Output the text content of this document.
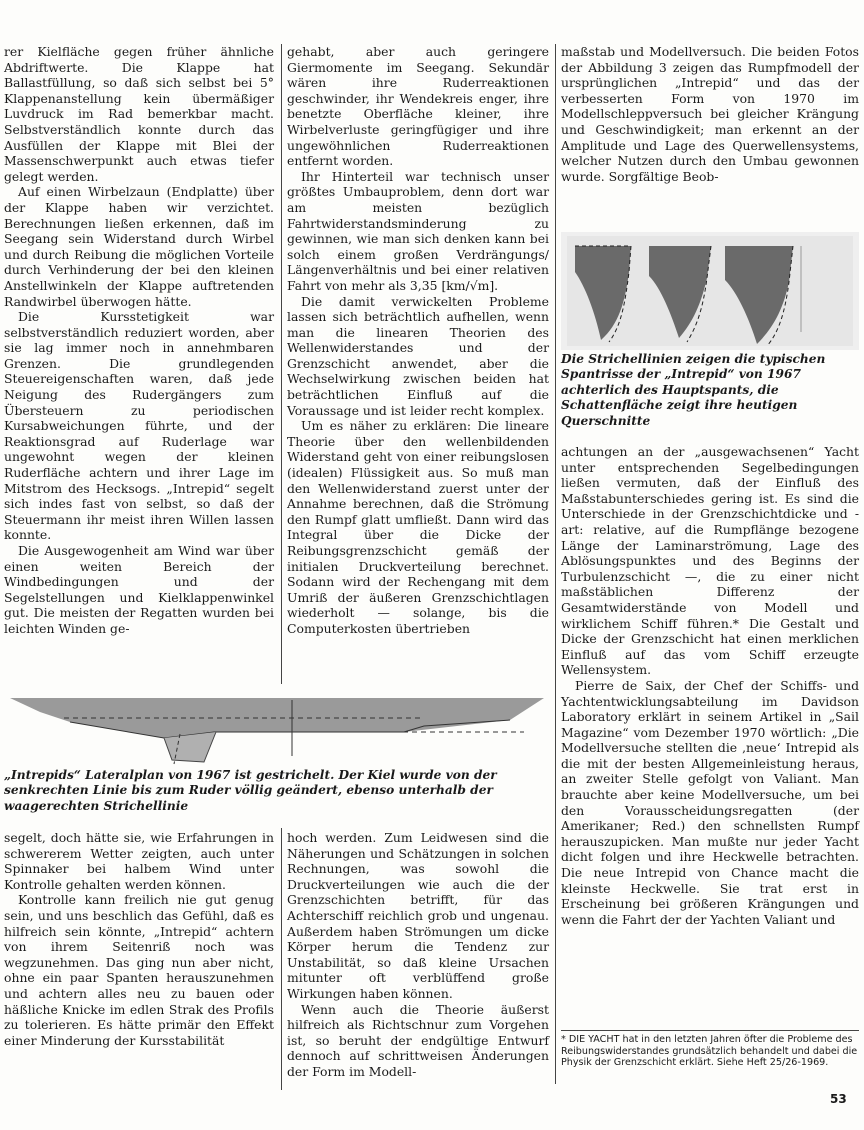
rer Kielfläche gegen früher ähnliche Abdriftwerte. Die Klappe hat Ballastfüllung, so daß sich selbst bei 5° Klappenanstellung kein übermäßiger Luvdruck im Rad bemerkbar macht. Selbstverständlich konnte durch das Ausfüllen der Klappe mit Blei der Massenschwerpunkt auch etwas tiefer gelegt werden.

Auf einen Wirbelzaun (Endplatte) über der Klappe haben wir verzichtet. Berechnungen ließen erkennen, daß im Seegang sein Widerstand durch Wirbel und durch Reibung die möglichen Vorteile durch Verhinderung der bei den kleinen Anstellwinkeln der Klappe auftretenden Randwirbel überwogen hätte.

Die Kursstetigkeit war selbstverständlich reduziert worden, aber sie lag immer noch in annehmbaren Grenzen. Die grundlegenden Steuereigenschaften waren, daß jede Neigung des Rudergängers zum Übersteuern zu periodischen Kursabweichungen führte, und der Reaktionsgrad auf Ruderlage war ungewohnt wegen der kleinen Ruderfläche achtern und ihrer Lage im Mitstrom des Hecksogs. „Intrepid“ segelt sich indes fast von selbst, so daß der Steuermann ihr meist ihren Willen lassen konnte.

Die Ausgewogenheit am Wind war über einen weiten Bereich der Windbedingungen und der Segelstellungen und Kielklappenwinkel gut. Die meisten der Regatten wurden bei leichten Winden ge-

gehabt, aber auch geringere Giermomente im Seegang. Sekundär wären ihre Ruderreaktionen geschwinder, ihr Wendekreis enger, ihre benetzte Oberfläche kleiner, ihre Wirbelverluste geringfügiger und ihre ungewöhnlichen Ruderreaktionen entfernt worden.

Ihr Hinterteil war technisch unser größtes Umbauproblem, denn dort war am meisten bezüglich Fahrtwiderstandsminderung zu gewinnen, wie man sich denken kann bei solch einem großen Verdrängungs/ Längenverhältnis und bei einer relativen Fahrt von mehr als 3,35 [km/√m].

Die damit verwickelten Probleme lassen sich beträchtlich aufhellen, wenn man die linearen Theorien des Wellenwiderstandes und der Grenzschicht anwendet, aber die Wechselwirkung zwischen beiden hat beträchtlichen Einfluß auf die Voraussage und ist leider recht komplex.

Um es näher zu erklären: Die lineare Theorie über den wellenbildenden Widerstand geht von einer reibungslosen (idealen) Flüssigkeit aus. So muß man den Wellenwiderstand zuerst unter der Annahme berechnen, daß die Strömung den Rumpf glatt umfließt. Dann wird das Integral über die Dicke der Reibungsgrenzschicht gemäß der initialen Druckverteilung berechnet. Sodann wird der Rechengang mit dem Umriß der äußeren Grenzschichtlagen wiederholt — solange, bis die Computerkosten übertrieben

maßstab und Modellversuch. Die beiden Fotos der Abbildung 3 zeigen das Rumpfmodell der ursprünglichen „Intrepid“ und das der verbesserten Form von 1970 im Modellschleppversuch bei gleicher Krängung und Geschwindigkeit; man erkennt an der Amplitude und Lage des Querwellensystems, welcher Nutzen durch den Umbau gewonnen wurde. Sorgfältige Beob-

Die Strichellinien zeigen die typischen Spantrisse der „Intrepid“ von 1967 achterlich des Hauptspants, die Schattenfläche zeigt ihre heutigen Querschnitte

achtungen an der „ausgewachsenen“ Yacht unter entsprechenden Segelbedingungen ließen vermuten, daß der Einfluß des Maßstabunterschiedes gering ist. Es sind die Unterschiede in der Grenzschichtdicke und -art: relative, auf die Rumpflänge bezogene Länge der Laminarströmung, Lage des Ablösungspunktes und des Beginns der Turbulenzschicht —, die zu einer nicht maßstäblichen Differenz der Gesamtwiderstände von Modell und wirklichem Schiff führen.* Die Gestalt und Dicke der Grenzschicht hat einen merklichen Einfluß auf das vom Schiff erzeugte Wellensystem.

Pierre de Saix, der Chef der Schiffs- und Yachtentwicklungsabteilung im Davidson Laboratory erklärt in seinem Artikel in „Sail Magazine“ vom Dezember 1970 wörtlich: „Die Modellversuche stellten die ‚neue‘ Intrepid als die mit der besten Allgemeinleistung heraus, an zweiter Stelle gefolgt von Valiant. Man brauchte aber keine Modellversuche, um bei den Vorausscheidungsregatten (der Amerikaner; Red.) den schnellsten Rumpf herauszupicken. Man mußte nur jeder Yacht dicht folgen und ihre Heckwelle betrachten. Die neue Intrepid von Chance macht die kleinste Heckwelle. Sie trat erst in Erscheinung bei größeren Krängungen und wenn die Fahrt der der Yachten Valiant und

„Intrepids“ Lateralplan von 1967 ist gestrichelt. Der Kiel wurde von der senkrechten Linie bis zum Ruder völlig geändert, ebenso unterhalb der waagerechten Strichellinie

segelt, doch hätte sie, wie Erfahrungen in schwererem Wetter zeigten, auch unter Spinnaker bei halbem Wind unter Kontrolle gehalten werden können.

Kontrolle kann freilich nie gut genug sein, und uns beschlich das Gefühl, daß es hilfreich sein könnte, „Intrepid“ achtern von ihrem Seitenriß noch was wegzunehmen. Das ging nun aber nicht, ohne ein paar Spanten herauszunehmen und achtern alles neu zu bauen oder häßliche Knicke im edlen Strak des Profils zu tolerieren. Es hätte primär den Effekt einer Minderung der Kursstabilität

hoch werden. Zum Leidwesen sind die Näherungen und Schätzungen in solchen Rechnungen, was sowohl die Druckverteilungen wie auch die der Grenzschichten betrifft, für das Achterschiff reichlich grob und ungenau. Außerdem haben Strömungen um dicke Körper herum die Tendenz zur Unstabilität, so daß kleine Ursachen mitunter oft verblüffend große Wirkungen haben können.

Wenn auch die Theorie äußerst hilfreich als Richtschnur zum Vorgehen ist, so beruht der endgültige Entwurf dennoch auf schrittweisen Änderungen der Form im Modell-

* DIE YACHT hat in den letzten Jahren öfter die Probleme des Reibungswiderstandes grundsätzlich behandelt und dabei die Physik der Grenzschicht erklärt. Siehe Heft 25/26-1969.
53
